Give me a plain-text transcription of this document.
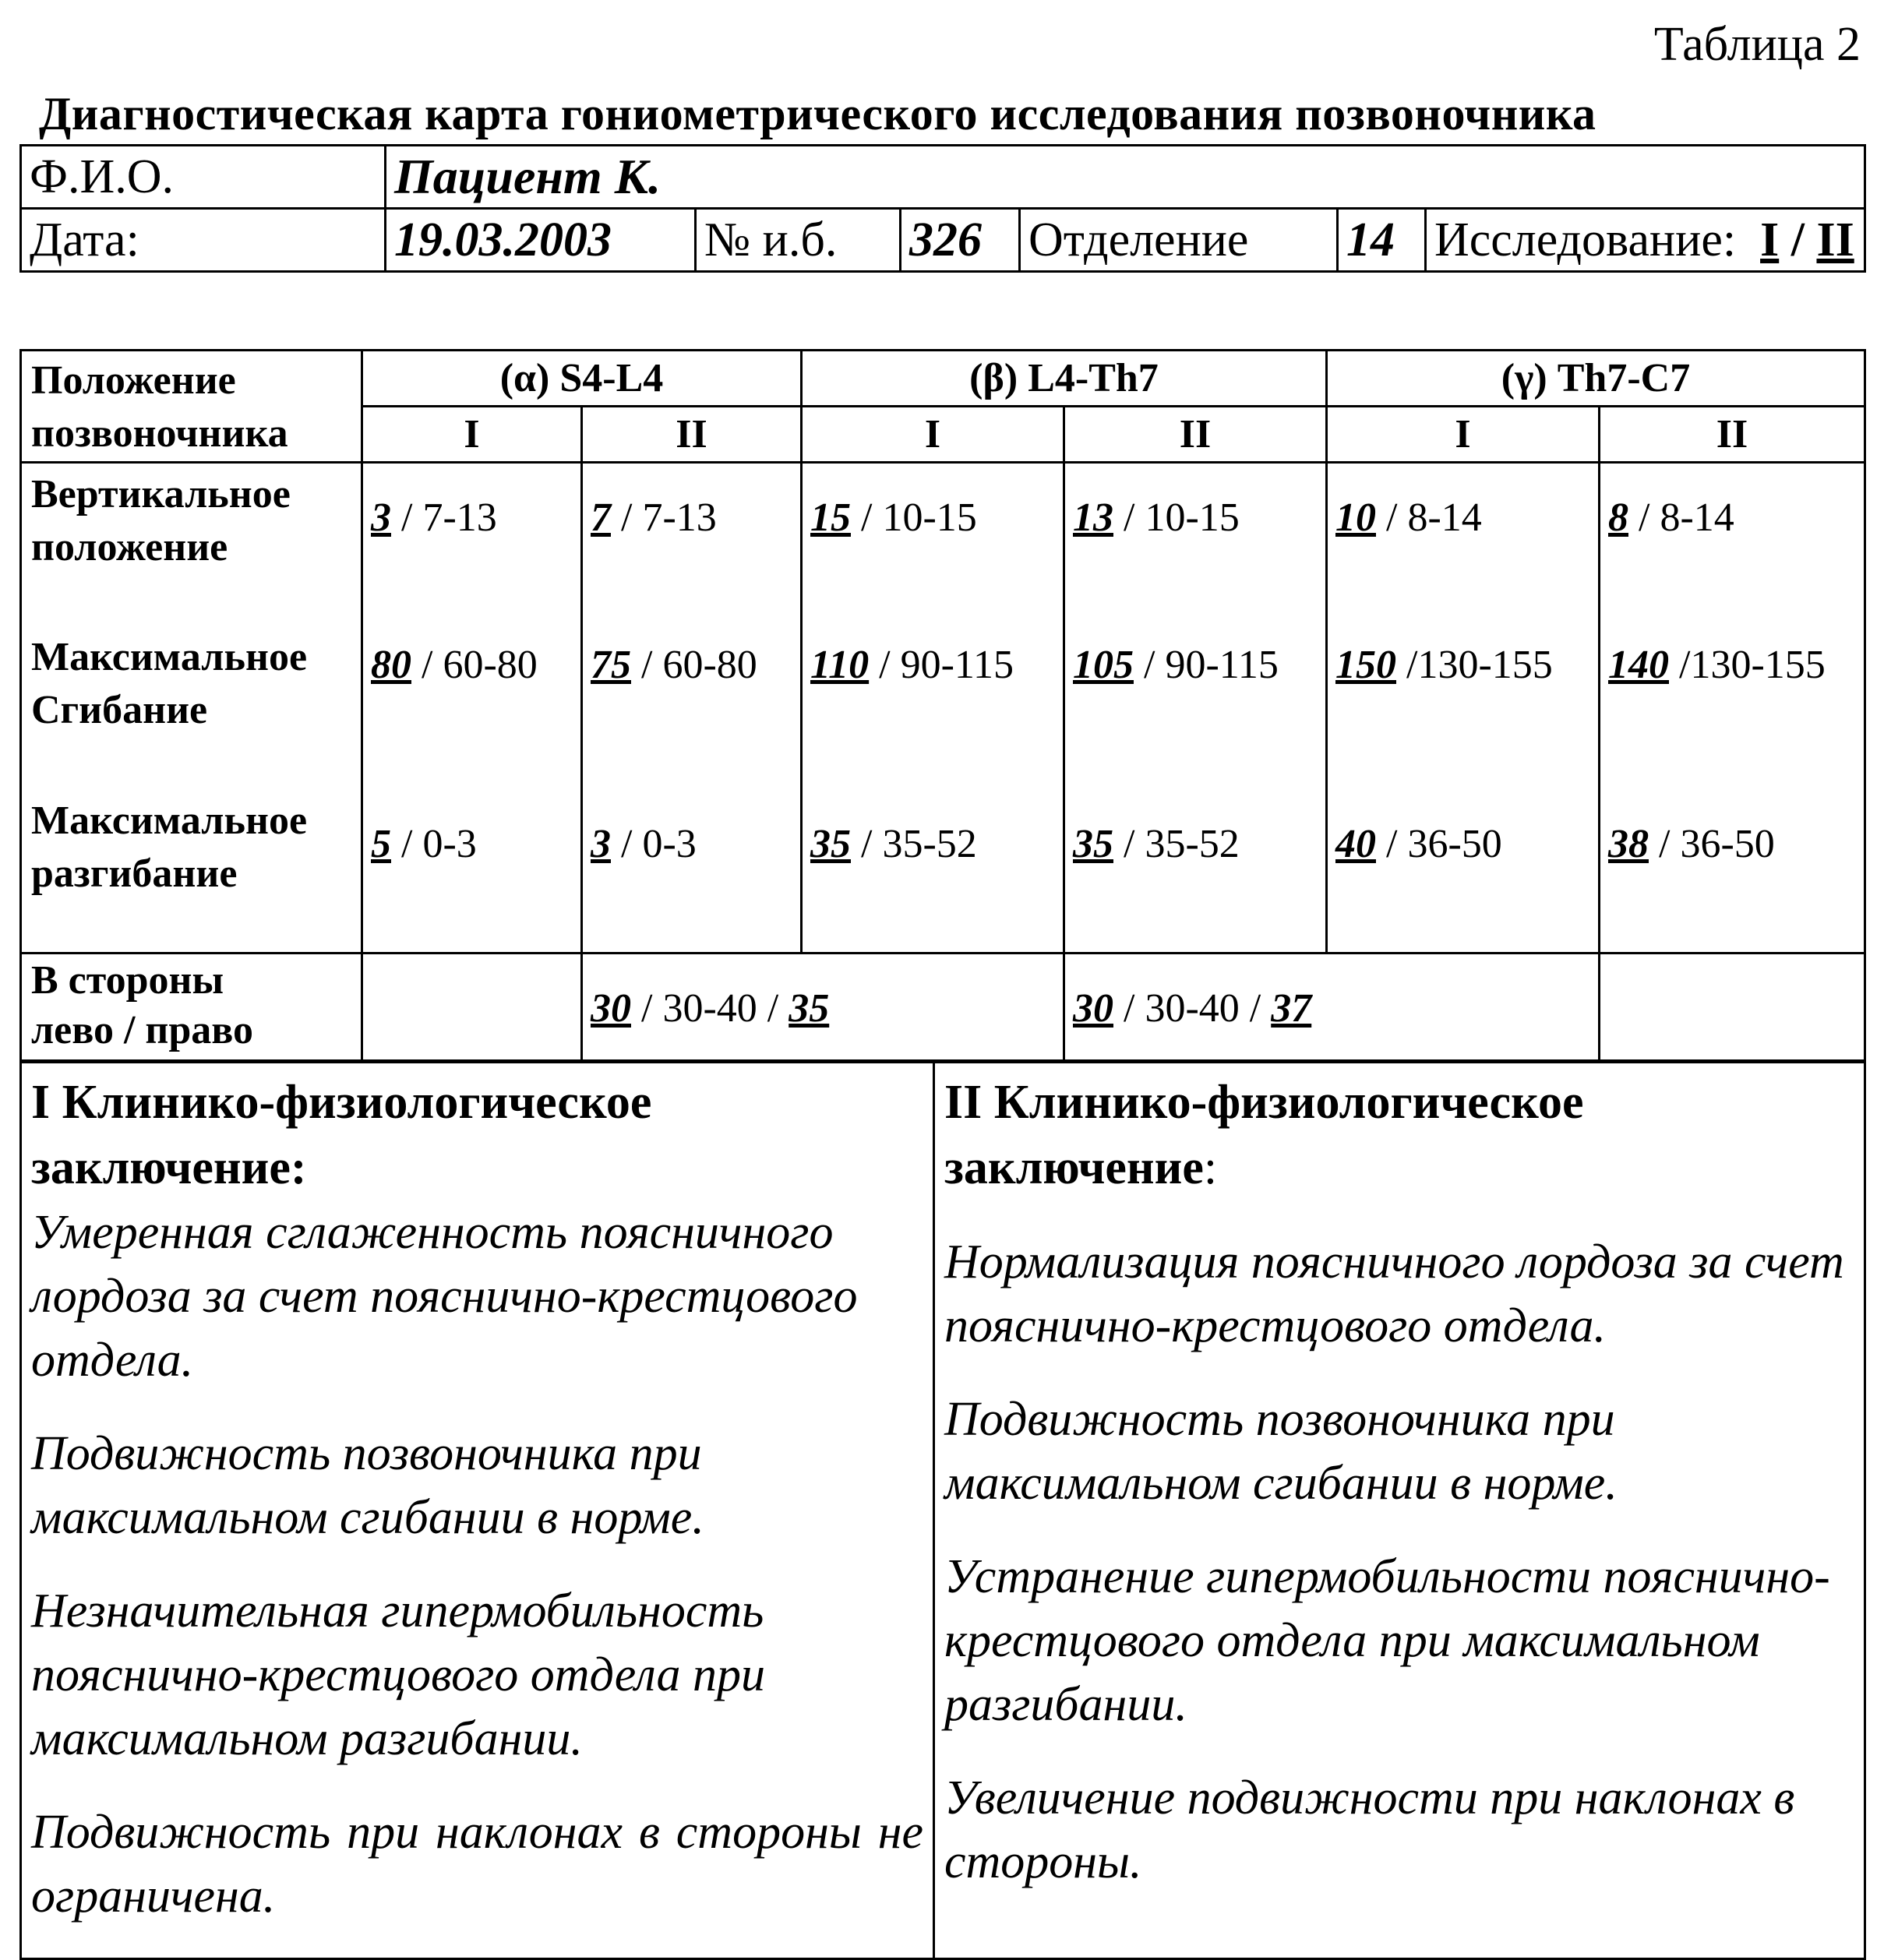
Таблица 2
Диагностическая карта гониометрического исследования позвоночника
Ф.И.О.	Пациент К.
Дата:	19.03.2003	№ и.б.	326	Отделение	14	Исследование: I / II
Положение
позвоночника
	(α) S4-L4	(β) L4-Th7	(γ) Th7-C7
I	II	I	II	I	II

Вертикальное
положение
	3 / 7-13	7 / 7-13	15 / 10-15	13 / 10-15	10 / 8-14	8 / 8-14

Максимальное
Сгибание
	80 / 60-80	75 / 60-80	110 / 90-115	105 / 90-115	150 /130-155	140 /130-155

Максимальное
разгибание
	5 / 0-3	3 / 0-3	35 / 35-52	35 / 35-52	40 / 36-50	38 / 36-50

В стороны
лево / право		30 / 30-40 / 35	30 / 30-40 / 37	
I Клинико-физиологическое
заключение:

Умеренная сглаженность поясничного лордоза за счет пояснично-крестцового отдела.

Подвижность позвоночника при максимальном сгибании в норме.

Незначительная гипермобильность пояснично-крестцового отдела при максимальном разгибании.

Подвижность при наклонах в стороны не ограничена.

II Клинико-физиологическое
заключение:

Нормализация поясничного лордоза за счет пояснично-крестцового отдела.

Подвижность позвоночника при максимальном сгибании в норме.

Устранение гипермобильности пояснично-крестцового отдела при максимальном разгибании.

Увеличение подвижности при наклонах в стороны.
